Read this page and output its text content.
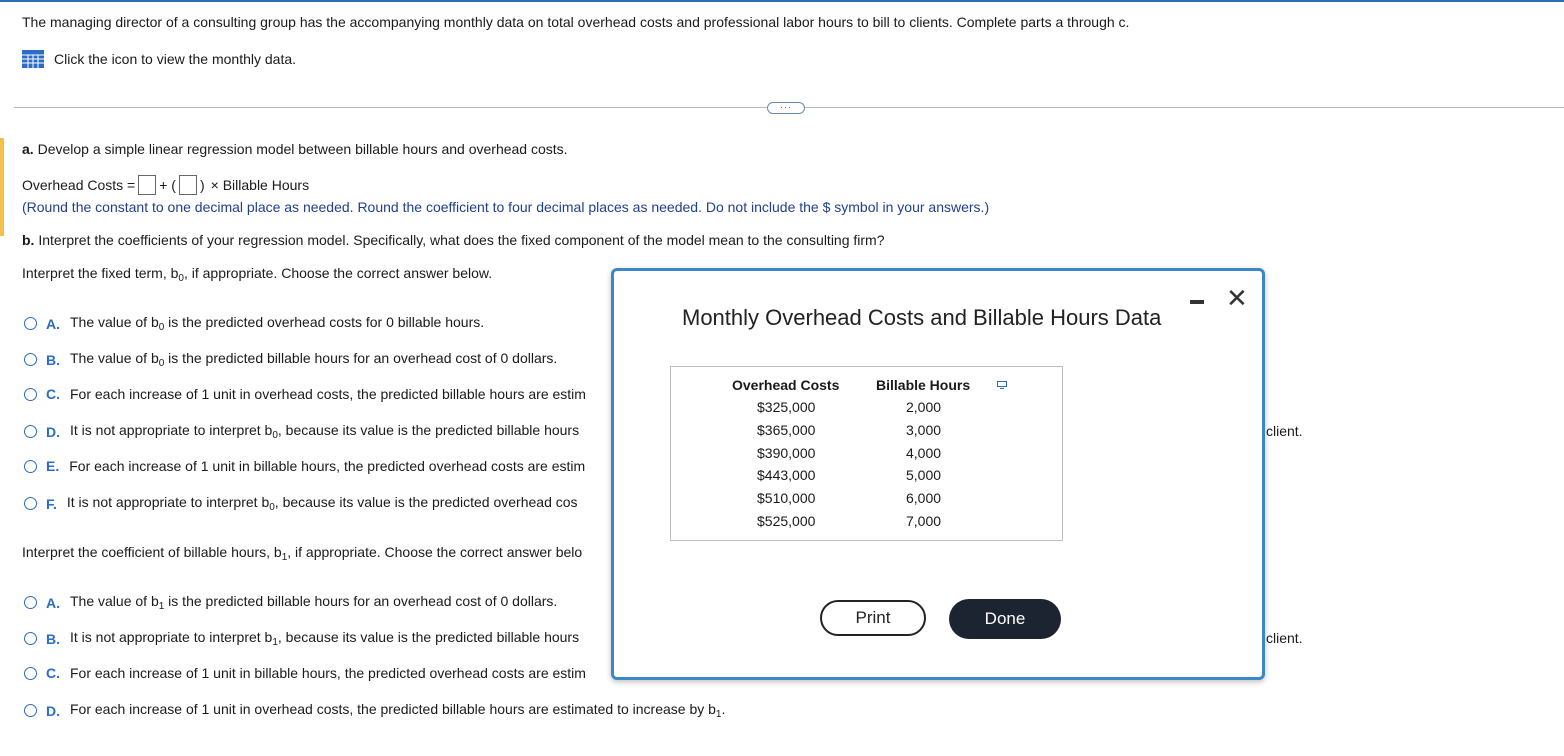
The managing director of a consulting group has the accompanying monthly data on total overhead costs and professional labor hours to bill to clients. Complete parts a through c.
Click the icon to view the monthly data.
···
a. Develop a simple linear regression model between billable hours and overhead costs.
Overhead Costs = + ( ) × Billable Hours
(Round the constant to one decimal place as needed. Round the coefficient to four decimal places as needed. Do not include the $ symbol in your answers.)
b. Interpret the coefficients of your regression model. Specifically, what does the fixed component of the model mean to the consulting firm?
Interpret the fixed term, $b_0$, if appropriate. Choose the correct answer below.
A. The value of $b_0$ is the predicted overhead costs for 0 billable hours.
B. The value of $b_0$ is the predicted billable hours for an overhead cost of 0 dollars.
C. For each increase of 1 unit in overhead costs, the predicted billable hours are estim
D. It is not appropriate to interpret $b_0$, because its value is the predicted billable hours
E. For each increase of 1 unit in billable hours, the predicted overhead costs are estim
F. It is not appropriate to interpret $b_0$, because its value is the predicted overhead cos
Interpret the coefficient of billable hours, $b_1$, if appropriate. Choose the correct answer belo
A. The value of $b_1$ is the predicted billable hours for an overhead cost of 0 dollars.
B. It is not appropriate to interpret $b_1$, because its value is the predicted billable hours
C. For each increase of 1 unit in billable hours, the predicted overhead costs are estim
D. For each increase of 1 unit in overhead costs, the predicted billable hours are estimated to increase by $b_1$.
client.
client.
Monthly Overhead Costs and Billable Hours Data
✕
Overhead Costs	Billable Hours
$325,000	2,000
$365,000	3,000
$390,000	4,000
$443,000	5,000
$510,000	6,000
$525,000	7,000
Print	Done
